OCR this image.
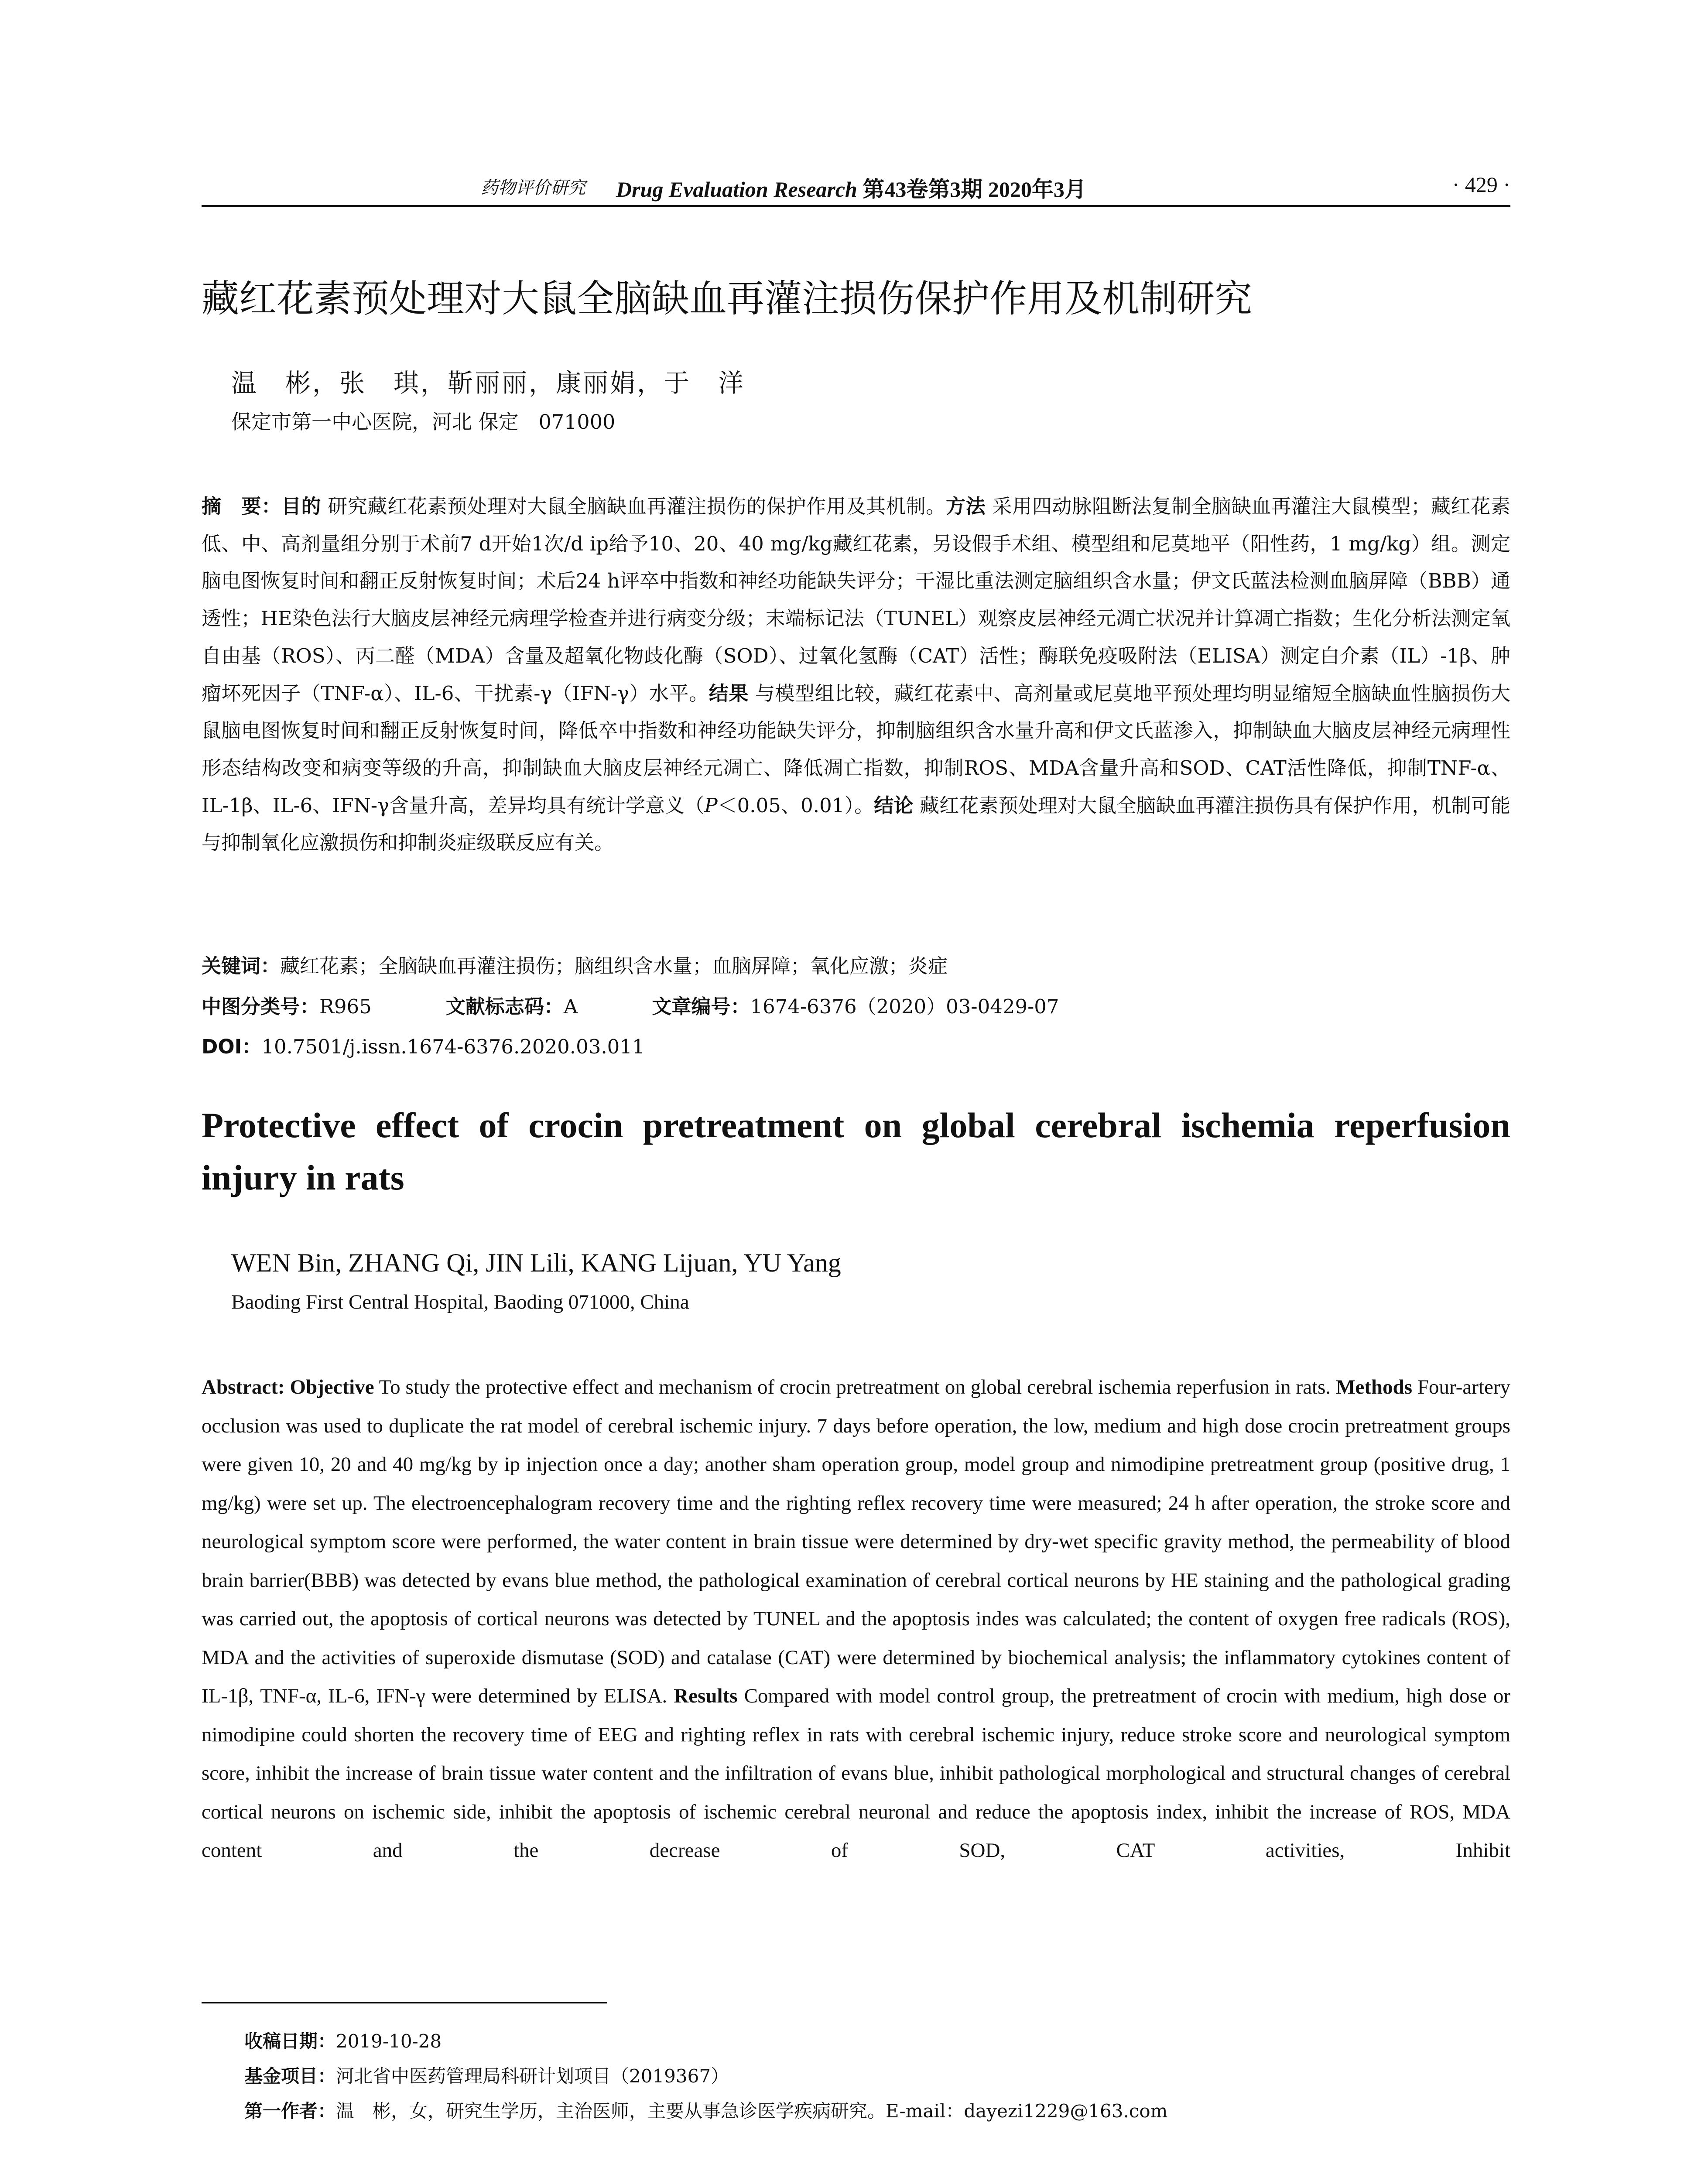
药物评价研究 Drug Evaluation Research 第43卷第3期 2020年3月	· 429 ·
藏红花素预处理对大鼠全脑缺血再灌注损伤保护作用及机制研究
温　彬，张　琪，靳丽丽，康丽娟，于　洋
保定市第一中心医院，河北 保定　071000
摘　要：目的 研究藏红花素预处理对大鼠全脑缺血再灌注损伤的保护作用及其机制。方法 采用四动脉阻断法复制全脑缺血再灌注大鼠模型；藏红花素低、中、高剂量组分别于术前7 d开始1次/d ip给予10、20、40 mg/kg藏红花素，另设假手术组、模型组和尼莫地平（阳性药，1 mg/kg）组。测定脑电图恢复时间和翻正反射恢复时间；术后24 h评卒中指数和神经功能缺失评分；干湿比重法测定脑组织含水量；伊文氏蓝法检测血脑屏障（BBB）通透性；HE染色法行大脑皮层神经元病理学检查并进行病变分级；末端标记法（TUNEL）观察皮层神经元凋亡状况并计算凋亡指数；生化分析法测定氧自由基（ROS）、丙二醛（MDA）含量及超氧化物歧化酶（SOD）、过氧化氢酶（CAT）活性；酶联免疫吸附法（ELISA）测定白介素（IL）-1β、肿瘤坏死因子（TNF-α）、IL-6、干扰素-γ（IFN-γ）水平。结果 与模型组比较，藏红花素中、高剂量或尼莫地平预处理均明显缩短全脑缺血性脑损伤大鼠脑电图恢复时间和翻正反射恢复时间，降低卒中指数和神经功能缺失评分，抑制脑组织含水量升高和伊文氏蓝渗入，抑制缺血大脑皮层神经元病理性形态结构改变和病变等级的升高，抑制缺血大脑皮层神经元凋亡、降低凋亡指数，抑制ROS、MDA含量升高和SOD、CAT活性降低，抑制TNF-α、IL-1β、IL-6、IFN-γ含量升高，差异均具有统计学意义（P＜0.05、0.01）。结论 藏红花素预处理对大鼠全脑缺血再灌注损伤具有保护作用，机制可能与抑制氧化应激损伤和抑制炎症级联反应有关。
关键词：藏红花素；全脑缺血再灌注损伤；脑组织含水量；血脑屏障；氧化应激；炎症
中图分类号：R965	文献标志码：A	文章编号：1674-6376（2020）03-0429-07
DOI：10.7501/j.issn.1674-6376.2020.03.011
Protective effect of crocin pretreatment on global cerebral ischemia reperfusion injury in rats
WEN Bin, ZHANG Qi, JIN Lili, KANG Lijuan, YU Yang
Baoding First Central Hospital, Baoding 071000, China
Abstract: Objective To study the protective effect and mechanism of crocin pretreatment on global cerebral ischemia reperfusion in rats. Methods Four-artery occlusion was used to duplicate the rat model of cerebral ischemic injury. 7 days before operation, the low, medium and high dose crocin pretreatment groups were given 10, 20 and 40 mg/kg by ip injection once a day; another sham operation group, model group and nimodipine pretreatment group (positive drug, 1 mg/kg) were set up. The electroencephalogram recovery time and the righting reflex recovery time were measured; 24 h after operation, the stroke score and neurological symptom score were performed, the water content in brain tissue were determined by dry-wet specific gravity method, the permeability of blood brain barrier(BBB) was detected by evans blue method, the pathological examination of cerebral cortical neurons by HE staining and the pathological grading was carried out, the apoptosis of cortical neurons was detected by TUNEL and the apoptosis indes was calculated; the content of oxygen free radicals (ROS), MDA and the activities of superoxide dismutase (SOD) and catalase (CAT) were determined by biochemical analysis; the inflammatory cytokines content of IL-1β, TNF-α, IL-6, IFN-γ were determined by ELISA. Results Compared with model control group, the pretreatment of crocin with medium, high dose or nimodipine could shorten the recovery time of EEG and righting reflex in rats with cerebral ischemic injury, reduce stroke score and neurological symptom score, inhibit the increase of brain tissue water content and the infiltration of evans blue, inhibit pathological morphological and structural changes of cerebral cortical neurons on ischemic side, inhibit the apoptosis of ischemic cerebral neuronal and reduce the apoptosis index, inhibit the increase of ROS, MDA content and the decrease of SOD, CAT activities, Inhibit
收稿日期：2019-10-28
基金项目：河北省中医药管理局科研计划项目（2019367）
第一作者：温　彬，女，研究生学历，主治医师，主要从事急诊医学疾病研究。E-mail：dayezi1229@163.com
